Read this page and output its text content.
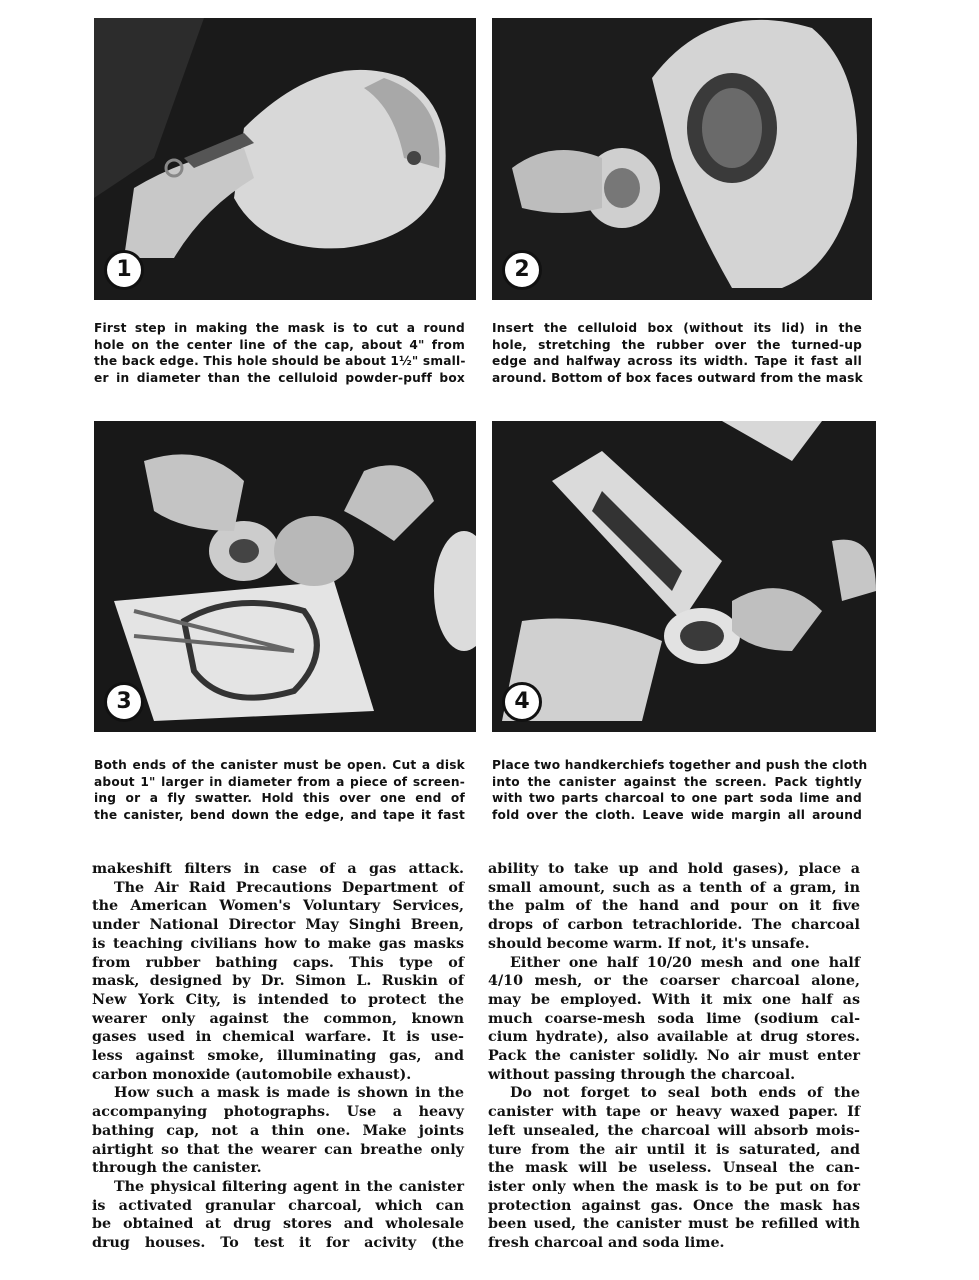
1	2
First step in making the mask is to cut a round
hole on the center line of the cap, about 4" from
the back edge. This hole should be about 1½" small-
er in diameter than the celluloid powder-puff box
Insert the celluloid box (without its lid) in the
hole, stretching the rubber over the turned-up
edge and halfway across its width. Tape it fast all
around. Bottom of box faces outward from the mask
3	4
Both ends of the canister must be open. Cut a disk
about 1" larger in diameter from a piece of screen-
ing or a fly swatter. Hold this over one end of
the canister, bend down the edge, and tape it fast
Place two handkerchiefs together and push the cloth
into the canister against the screen. Pack tightly
with two parts charcoal to one part soda lime and
fold over the cloth. Leave wide margin all around
makeshift filters in case of a gas attack.
The Air Raid Precautions Department of
the American Women's Voluntary Services,
under National Director May Singhi Breen,
is teaching civilians how to make gas masks
from rubber bathing caps. This type of
mask, designed by Dr. Simon L. Ruskin of
New York City, is intended to protect the
wearer only against the common, known
gases used in chemical warfare. It is use-
less against smoke, illuminating gas, and
carbon monoxide (automobile exhaust).
How such a mask is made is shown in the
accompanying photographs. Use a heavy
bathing cap, not a thin one. Make joints
airtight so that the wearer can breathe only
through the canister.
The physical filtering agent in the canister
is activated granular charcoal, which can
be obtained at drug stores and wholesale
drug houses. To test it for acivity (the
ability to take up and hold gases), place a
small amount, such as a tenth of a gram, in
the palm of the hand and pour on it five
drops of carbon tetrachloride. The charcoal
should become warm. If not, it's unsafe.
Either one half 10/20 mesh and one half
4/10 mesh, or the coarser charcoal alone,
may be employed. With it mix one half as
much coarse-mesh soda lime (sodium cal-
cium hydrate), also available at drug stores.
Pack the canister solidly. No air must enter
without passing through the charcoal.
Do not forget to seal both ends of the
canister with tape or heavy waxed paper. If
left unsealed, the charcoal will absorb mois-
ture from the air until it is saturated, and
the mask will be useless. Unseal the can-
ister only when the mask is to be put on for
protection against gas. Once the mask has
been used, the canister must be refilled with
fresh charcoal and soda lime.
